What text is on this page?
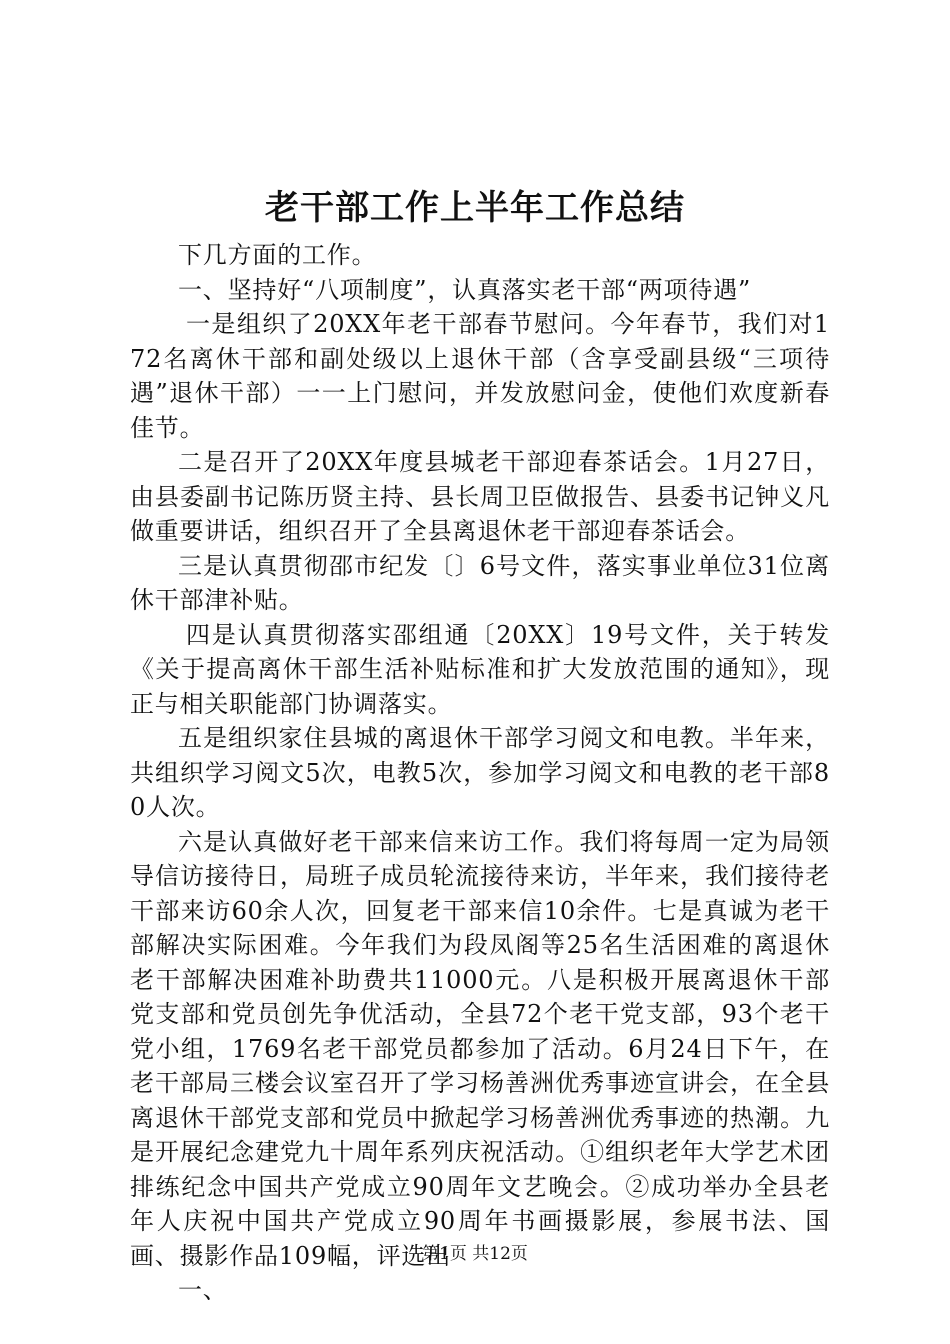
老干部工作上半年工作总结

下几方面的工作。

一、坚持好“八项制度”，认真落实老干部“两项待遇”

一是组织了20XX年老干部春节慰问。今年春节，我们对172名离休干部和副处级以上退休干部（含享受副县级“三项待遇”退休干部）一一上门慰问，并发放慰问金，使他们欢度新春佳节。

二是召开了20XX年度县城老干部迎春茶话会。1月27日，由县委副书记陈历贤主持、县长周卫臣做报告、县委书记钟义凡做重要讲话，组织召开了全县离退休老干部迎春茶话会。

三是认真贯彻邵市纪发〔〕6号文件，落实事业单位31位离休干部津补贴。

四是认真贯彻落实邵组通〔20XX〕19号文件，关于转发《关于提高离休干部生活补贴标准和扩大发放范围的通知》，现正与相关职能部门协调落实。

五是组织家住县城的离退休干部学习阅文和电教。半年来，共组织学习阅文5次，电教5次，参加学习阅文和电教的老干部80人次。

六是认真做好老干部来信来访工作。我们将每周一定为局领导信访接待日，局班子成员轮流接待来访，半年来，我们接待老干部来访60余人次，回复老干部来信10余件。七是真诚为老干部解决实际困难。今年我们为段凤阁等25名生活困难的离退休老干部解决困难补助费共11000元。八是积极开展离退休干部党支部和党员创先争优活动，全县72个老干党支部，93个老干党小组，1769名老干部党员都参加了活动。6月24日下午，在老干部局三楼会议室召开了学习杨善洲优秀事迹宣讲会，在全县离退休干部党支部和党员中掀起学习杨善洲优秀事迹的热潮。九是开展纪念建党九十周年系列庆祝活动。①组织老年大学艺术团排练纪念中国共产党成立90周年文艺晚会。②成功举办全县老年人庆祝中国共产党成立90周年书画摄影展，参展书法、国画、摄影作品109幅，评选出

一、

第1页 共12页
